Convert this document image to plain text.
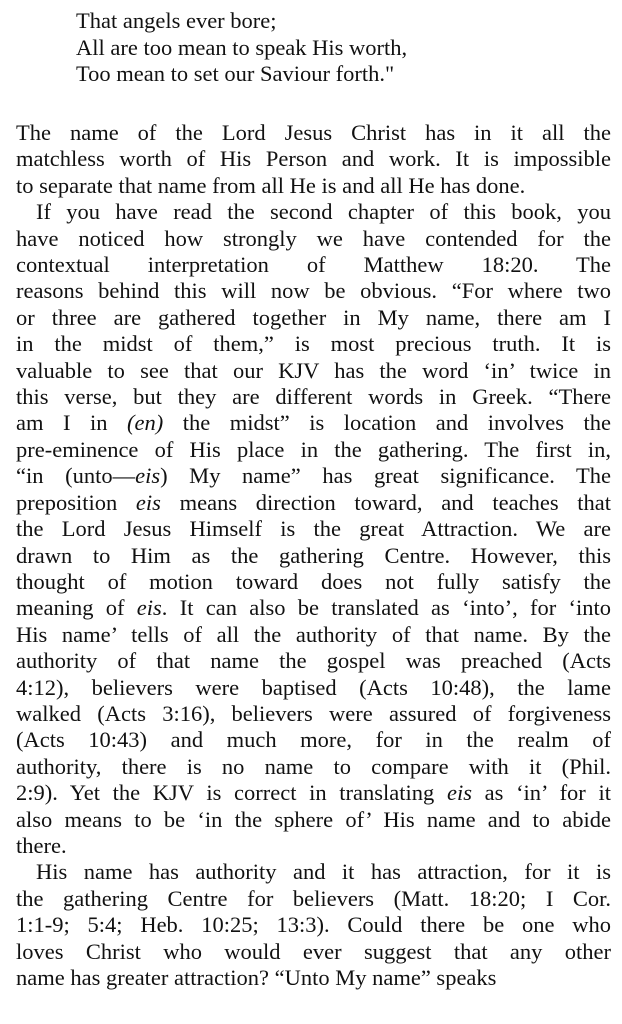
That angels ever bore;
All are too mean to speak His worth,
Too mean to set our Saviour forth."
The name of the Lord Jesus Christ has in it all the
matchless worth of His Person and work. It is impossible
to separate that name from all He is and all He has done.
If you have read the second chapter of this book, you
have noticed how strongly we have contended for the
contextual interpretation of Matthew 18:20. The
reasons behind this will now be obvious. “For where two
or three are gathered together in My name, there am I
in the midst of them,” is most precious truth. It is
valuable to see that our KJV has the word ‘in’ twice in
this verse, but they are different words in Greek. “There
am I in (en) the midst” is location and involves the
pre-eminence of His place in the gathering. The first in,
“in (unto—eis) My name” has great significance. The
preposition eis means direction toward, and teaches that
the Lord Jesus Himself is the great Attraction. We are
drawn to Him as the gathering Centre. However, this
thought of motion toward does not fully satisfy the
meaning of eis. It can also be translated as ‘into’, for ‘into
His name’ tells of all the authority of that name. By the
authority of that name the gospel was preached (Acts
4:12), believers were baptised (Acts 10:48), the lame
walked (Acts 3:16), believers were assured of forgiveness
(Acts 10:43) and much more, for in the realm of
authority, there is no name to compare with it (Phil.
2:9). Yet the KJV is correct in translating eis as ‘in’ for it
also means to be ‘in the sphere of’ His name and to abide
there.
His name has authority and it has attraction, for it is
the gathering Centre for believers (Matt. 18:20; I Cor.
1:1-9; 5:4; Heb. 10:25; 13:3). Could there be one who
loves Christ who would ever suggest that any other
name has greater attraction? “Unto My name” speaks
